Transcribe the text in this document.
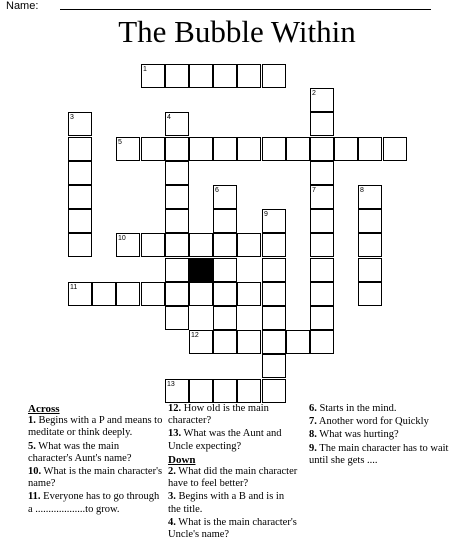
Name:
The Bubble Within
1
2
3	4
5
6	7	8
9
10
11
12
13
Across
1. Begins with a P and means to meditate or think deeply.
5. What was the main character's Aunt's name?
10. What is the main character's name?
11. Everyone has to go through a ...................to grow.
12. How old is the main character?
13. What was the Aunt and Uncle expecting?
Down
2. What did the main character have to feel better?
3. Begins with a B and is in the title.
4. What is the main character's Uncle's name?
6. Starts in the mind.
7. Another word for Quickly
8. What was hurting?
9. The main character has to wait until she gets ....
